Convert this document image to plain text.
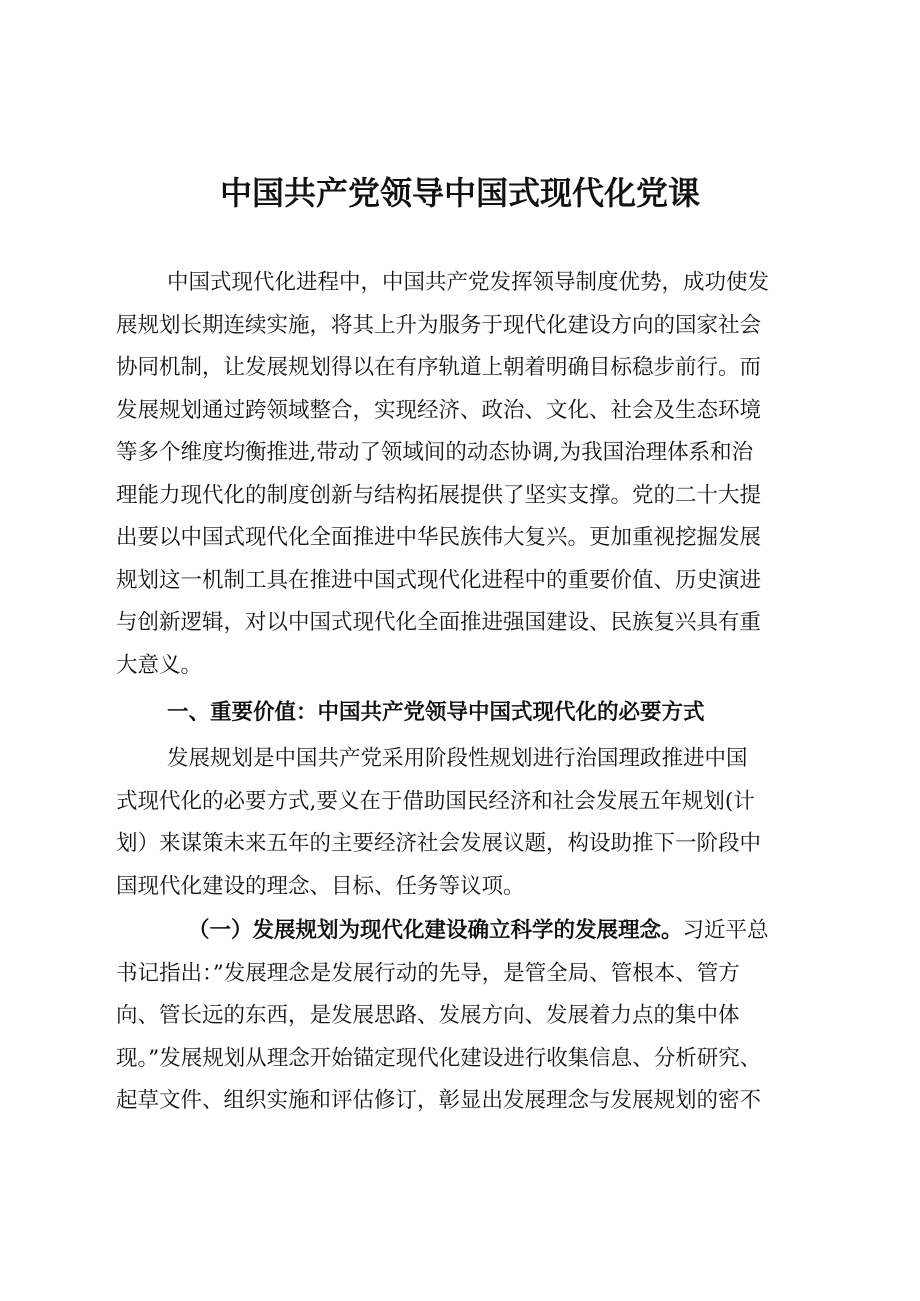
中国共产党领导中国式现代化党课
中国式现代化进程中，中国共产党发挥领导制度优势，成功使发
展规划长期连续实施，将其上升为服务于现代化建设方向的国家社会
协同机制，让发展规划得以在有序轨道上朝着明确目标稳步前行。而
发展规划通过跨领域整合，实现经济、政治、文化、社会及生态环境
等多个维度均衡推进,带动了领域间的动态协调,为我国治理体系和治
理能力现代化的制度创新与结构拓展提供了坚实支撑。党的二十大提
出要以中国式现代化全面推进中华民族伟大复兴。更加重视挖掘发展
规划这一机制工具在推进中国式现代化进程中的重要价值、历史演进
与创新逻辑，对以中国式现代化全面推进强国建设、民族复兴具有重
大意义。
一、重要价值：中国共产党领导中国式现代化的必要方式
发展规划是中国共产党采用阶段性规划进行治国理政推进中国
式现代化的必要方式,要义在于借助国民经济和社会发展五年规划(计
划）来谋策未来五年的主要经济社会发展议题，构设助推下一阶段中
国现代化建设的理念、目标、任务等议项。
（一）发展规划为现代化建设确立科学的发展理念。习近平总
书记指出：”发展理念是发展行动的先导，是管全局、管根本、管方
向、管长远的东西，是发展思路、发展方向、发展着力点的集中体
现。”发展规划从理念开始锚定现代化建设进行收集信息、分析研究、
起草文件、组织实施和评估修订，彰显出发展理念与发展规划的密不
